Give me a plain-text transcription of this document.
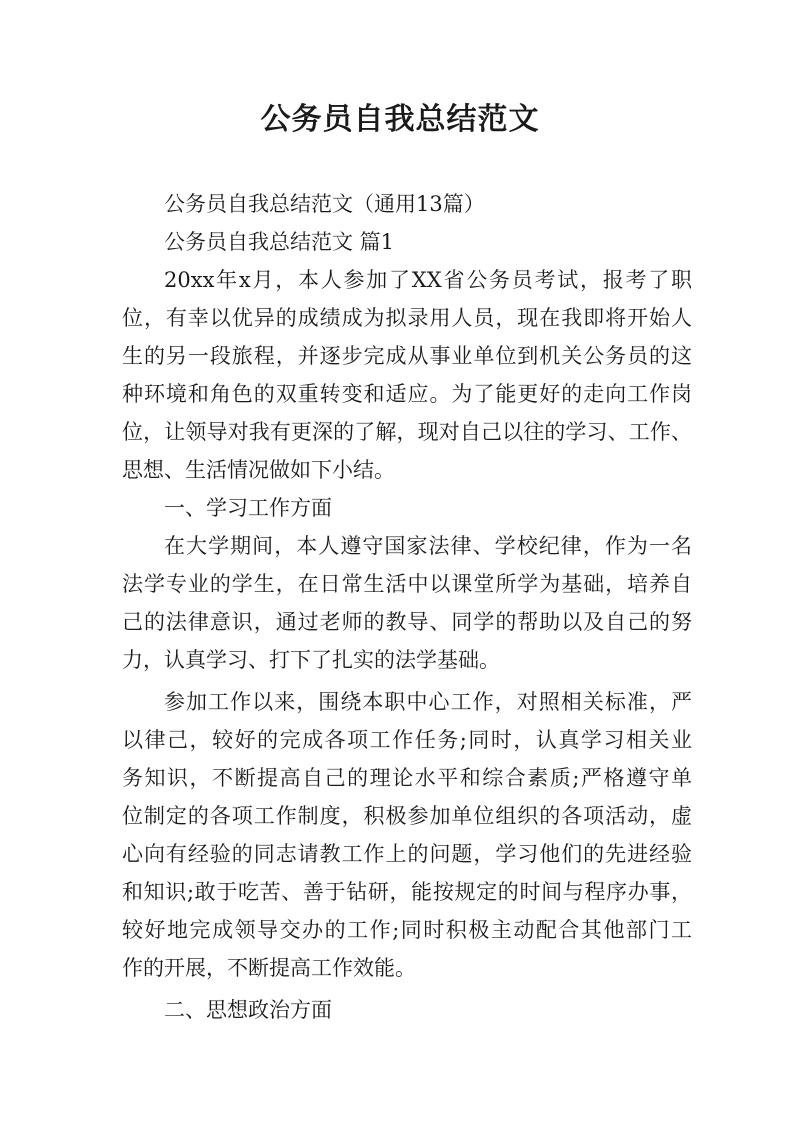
公务员自我总结范文
公务员自我总结范文（通用13篇）
公务员自我总结范文 篇1
20xx年x月，本人参加了XX省公务员考试，报考了职
位，有幸以优异的成绩成为拟录用人员，现在我即将开始人
生的另一段旅程，并逐步完成从事业单位到机关公务员的这
种环境和角色的双重转变和适应。为了能更好的走向工作岗
位，让领导对我有更深的了解，现对自己以往的学习、工作、
思想、生活情况做如下小结。
一、学习工作方面
在大学期间，本人遵守国家法律、学校纪律，作为一名
法学专业的学生，在日常生活中以课堂所学为基础，培养自
己的法律意识，通过老师的教导、同学的帮助以及自己的努
力，认真学习、打下了扎实的法学基础。
参加工作以来，围绕本职中心工作，对照相关标准，严
以律己，较好的完成各项工作任务;同时，认真学习相关业
务知识，不断提高自己的理论水平和综合素质;严格遵守单
位制定的各项工作制度，积极参加单位组织的各项活动，虚
心向有经验的同志请教工作上的问题，学习他们的先进经验
和知识;敢于吃苦、善于钻研，能按规定的时间与程序办事，
较好地完成领导交办的工作;同时积极主动配合其他部门工
作的开展，不断提高工作效能。
二、思想政治方面
